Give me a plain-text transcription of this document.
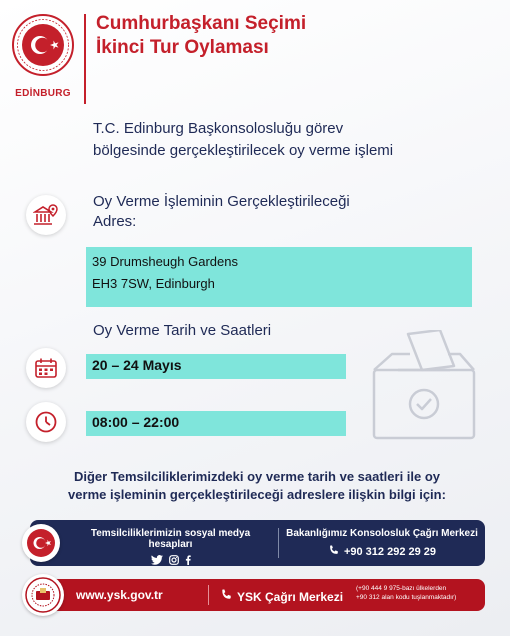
EDİNBURG
Cumhurbaşkanı Seçimi
İkinci Tur Oylaması
T.C. Edinburg Başkonsolosluğu görev
bölgesinde gerçekleştirilecek oy verme işlemi
Oy Verme İşleminin Gerçekleştirileceği
Adres:
39 Drumsheugh Gardens
EH3 7SW, Edinburgh
Oy Verme Tarih ve Saatleri
20 – 24 Mayıs
08:00 – 22:00
Diğer Temsilciliklerimizdeki oy verme tarih ve saatleri ile oy
verme işleminin gerçekleştirileceği adreslere ilişkin bilgi için:
Temsilciliklerimizin sosyal medya hesapları
Bakanlığımız Konsolosluk Çağrı Merkezi
+90 312 292 29 29
www.ysk.gov.tr	YSK Çağrı Merkezi
(+90 444 9 975-bazı ülkelerden
+90 312 alan kodu tuşlanmaktadır)
